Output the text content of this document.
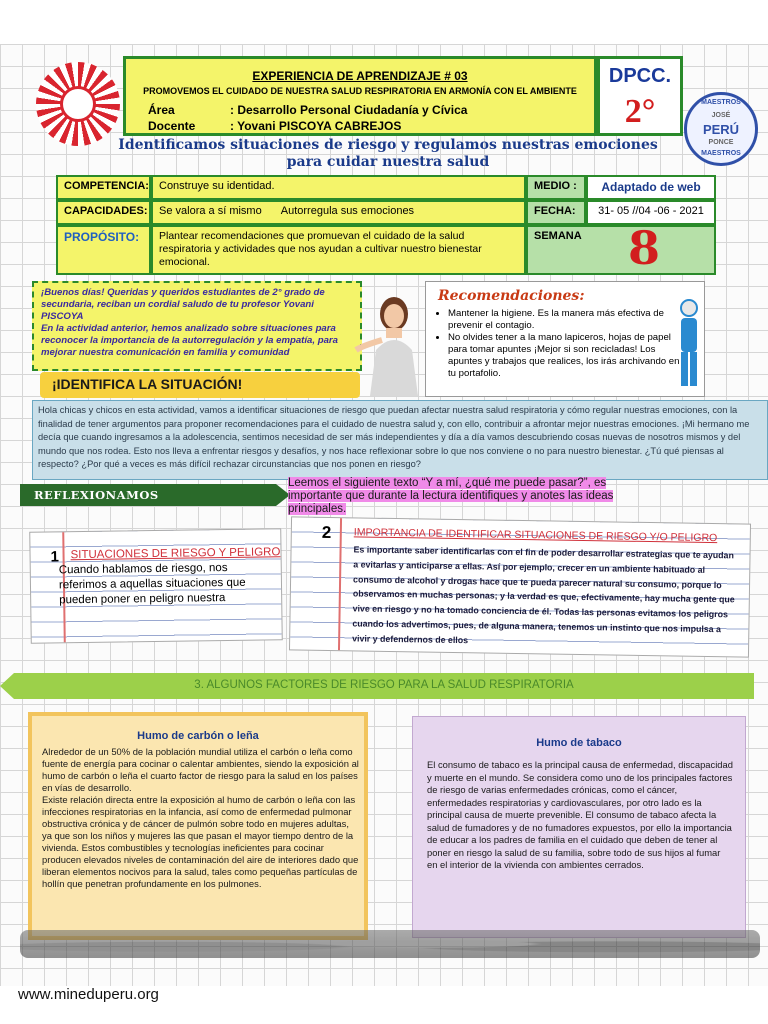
EXPERIENCIA DE APRENDIZAJE # 03
PROMOVEMOS EL CUIDADO DE NUESTRA SALUD RESPIRATORIA EN ARMONÍA CON EL AMBIENTE
Área	: Desarrollo Personal Ciudadanía y Cívica
Docente	: Yovani PISCOYA CABREJOS
DPCC.
2°	MAESTROS
JOSÉ
PERÚ
PONCE
MAESTROS
Identificamos situaciones de riesgo y regulamos nuestras emociones
para cuidar nuestra salud
COMPETENCIA: Construye su identidad.	MEDIO :	Adaptado de web
CAPACIDADES:	Se valora a sí mismo Autorregula sus emociones	FECHA:	31- 05 //04 -06 - 2021
PROPÓSITO:	Plantear recomendaciones que promuevan el cuidado de la salud respiratoria y actividades que nos ayudan a cultivar nuestro bienestar emocional.
SEMANA 8
¡Buenos días! Queridas y queridos estudiantes de 2° grado de secundaria, reciban un cordial saludo de tu profesor Yovani PISCOYA
En la actividad anterior, hemos analizado sobre situaciones para reconocer la importancia de la autorregulación y la empatía, para mejorar nuestra comunicación en familia y comunidad
Recomendaciones:
• Mantener la higiene. Es la manera más efectiva de prevenir el contagio.
• No olvides tener a la mano lapiceros, hojas de papel para tomar apuntes ¡Mejor si son recicladas! Los apuntes y trabajos que realices, los irás archivando en tu portafolio.
¡IDENTIFICA LA SITUACIÓN!
Hola chicas y chicos en esta actividad, vamos a identificar situaciones de riesgo que puedan afectar nuestra salud respiratoria y cómo regular nuestras emociones, con la finalidad de tener argumentos para proponer recomendaciones para el cuidado de nuestra salud y, con ello, contribuir a afrontar mejor nuestras emociones. ¡Mi hermano me decía que cuando ingresamos a la adolescencia, sentimos necesidad de ser más independientes y día a día vamos descubriendo cosas nuevas de nosotros mismos y del mundo que nos rodea. Esto nos lleva a enfrentar riesgos y desafíos, y nos hace reflexionar sobre lo que nos conviene o no para nuestro bienestar. ¿Tú qué piensas al respecto? ¿Por qué a veces es más difícil rechazar circunstancias que nos ponen en riesgo?
REFLEXIONAMOS
Leemos el siguiente texto “Y a mí, ¿qué me puede pasar?”, es importante que durante la lectura identifiques y anotes las ideas principales.
1 SITUACIONES DE RIESGO Y PELIGRO
Cuando hablamos de riesgo, nos referimos a aquellas situaciones que pueden poner en peligro nuestra
2 IMPORTANCIA DE IDENTIFICAR SITUACIONES DE RIESGO Y/O PELIGRO
Es importante saber identificarlas con el fin de poder desarrollar estrategias que te ayudan a evitarlas y anticiparse a ellas. Así por ejemplo, crecer en un ambiente habituado al consumo de alcohol y drogas hace que te pueda parecer natural su consumo, porque lo observamos en muchas personas; y la verdad es que, efectivamente, hay mucha gente que vive en riesgo y no ha tomado conciencia de él. Todas las personas evitamos los peligros cuando los advertimos, pues, de alguna manera, tenemos un instinto que nos impulsa a vivir y defendernos de ellos
3. ALGUNOS FACTORES DE RIESGO PARA LA SALUD RESPIRATORIA
Humo de carbón o leña
Alrededor de un 50% de la población mundial utiliza el carbón o leña como fuente de energía para cocinar o calentar ambientes, siendo la exposición al humo de carbón o leña el cuarto factor de riesgo para la salud en los países en vías de desarrollo.
Existe relación directa entre la exposición al humo de carbón o leña con las infecciones respiratorias en la infancia, así como de enfermedad pulmonar obstructiva crónica y de cáncer de pulmón sobre todo en mujeres adultas, ya que son los niños y mujeres las que pasan el mayor tiempo dentro de la vivienda. Estos combustibles y tecnologías ineficientes para cocinar producen elevados niveles de contaminación del aire de interiores dado que liberan elementos nocivos para la salud, tales como pequeñas partículas de hollín que penetran profundamente en los pulmones.
Humo de tabaco
El consumo de tabaco es la principal causa de enfermedad, discapacidad y muerte en el mundo. Se considera como uno de los principales factores de riesgo de varias enfermedades crónicas, como el cáncer, enfermedades respiratorias y cardiovasculares, por otro lado es la principal causa de muerte prevenible. El consumo de tabaco afecta la salud de fumadores y de no fumadores expuestos, por ello la importancia de educar a los padres de familia en el cuidado que deben de tener al poner en riesgo la salud de su familia, sobre todo de sus hijos al fumar en el interior de la vivienda con ambientes cerrados.
www.mineduperu.org
